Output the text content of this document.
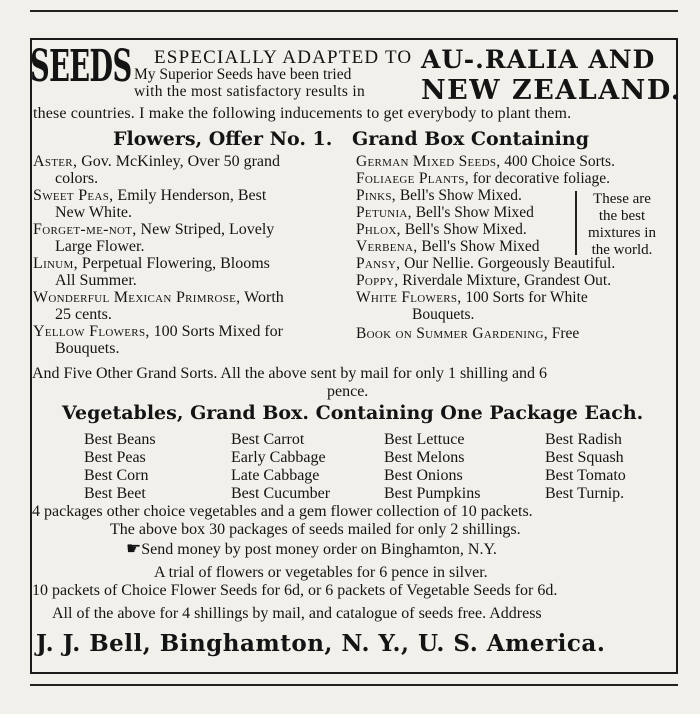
SEEDS ESPECIALLY ADAPTED TO AU-.RALIA AND
NEW ZEALAND.
My Superior Seeds have been tried
with the most satisfactory results in
these countries. I make the following inducements to get everybody to plant them.
Flowers, Offer No. 1. Grand Box Containing
Aster, Gov. McKinley, Over 50 grand
colors.
Sweet Peas, Emily Henderson, Best
New White.
Forget-me-not, New Striped, Lovely
Large Flower.
Linum, Perpetual Flowering, Blooms
All Summer.
Wonderful Mexican Primrose, Worth
25 cents.
Yellow Flowers, 100 Sorts Mixed for
Bouquets.
German Mixed Seeds, 400 Choice Sorts.
Foliaege Plants, for decorative foliage.
Pinks, Bell's Show Mixed.
Petunia, Bell's Show Mixed
Phlox, Bell's Show Mixed.
Verbena, Bell's Show Mixed
Pansy, Our Nellie. Gorgeously Beautiful.
Poppy, Riverdale Mixture, Grandest Out.
White Flowers, 100 Sorts for White
Bouquets.
Book on Summer Gardening, Free
These are
the best
mixtures in
the world.
And Five Other Grand Sorts. All the above sent by mail for only 1 shilling and 6
pence.
Vegetables, Grand Box. Containing One Package Each.
Best Beans
Best Peas
Best Corn
Best Beet
Best Carrot
Early Cabbage
Late Cabbage
Best Cucumber
Best Lettuce
Best Melons
Best Onions
Best Pumpkins
Best Radish
Best Squash
Best Tomato
Best Turnip.
4 packages other choice vegetables and a gem flower collection of 10 packets.
The above box 30 packages of seeds mailed for only 2 shillings.
☛Send money by post money order on Binghamton, N.Y.
A trial of flowers or vegetables for 6 pence in silver.
10 packets of Choice Flower Seeds for 6d, or 6 packets of Vegetable Seeds for 6d.
All of the above for 4 shillings by mail, and catalogue of seeds free. Address
J. J. Bell, Binghamton, N. Y., U. S. America.
